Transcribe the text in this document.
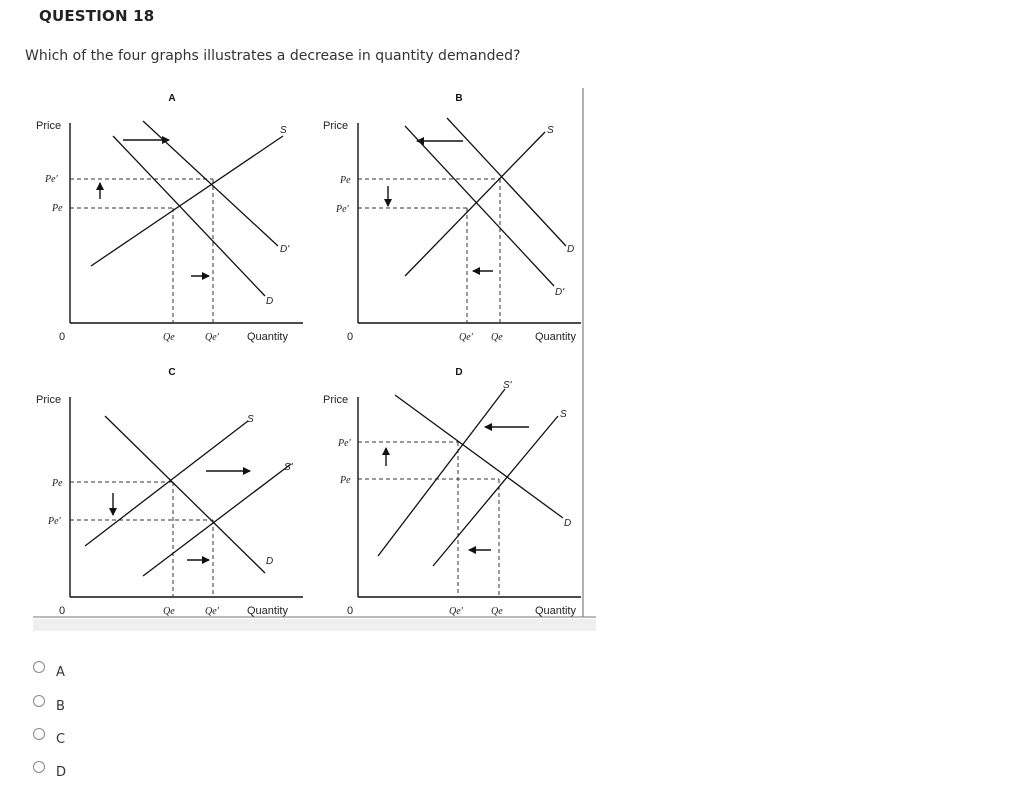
QUESTION 18
Which of the four graphs illustrates a decrease in quantity demanded?
A
Price
0
Pe'
Pe
S
D'
D
Qe	Qe'	Quantity
B
Price
0
Pe
Pe'
S
D
D'
Qe' Qe	Quantity
C
Price
0
Pe
Pe'
S
S'
D
Qe	Qe'	Quantity
D
Price
0
Pe'
Pe
S'
S
D
Qe'	Qe	Quantity
A
B
C
D
